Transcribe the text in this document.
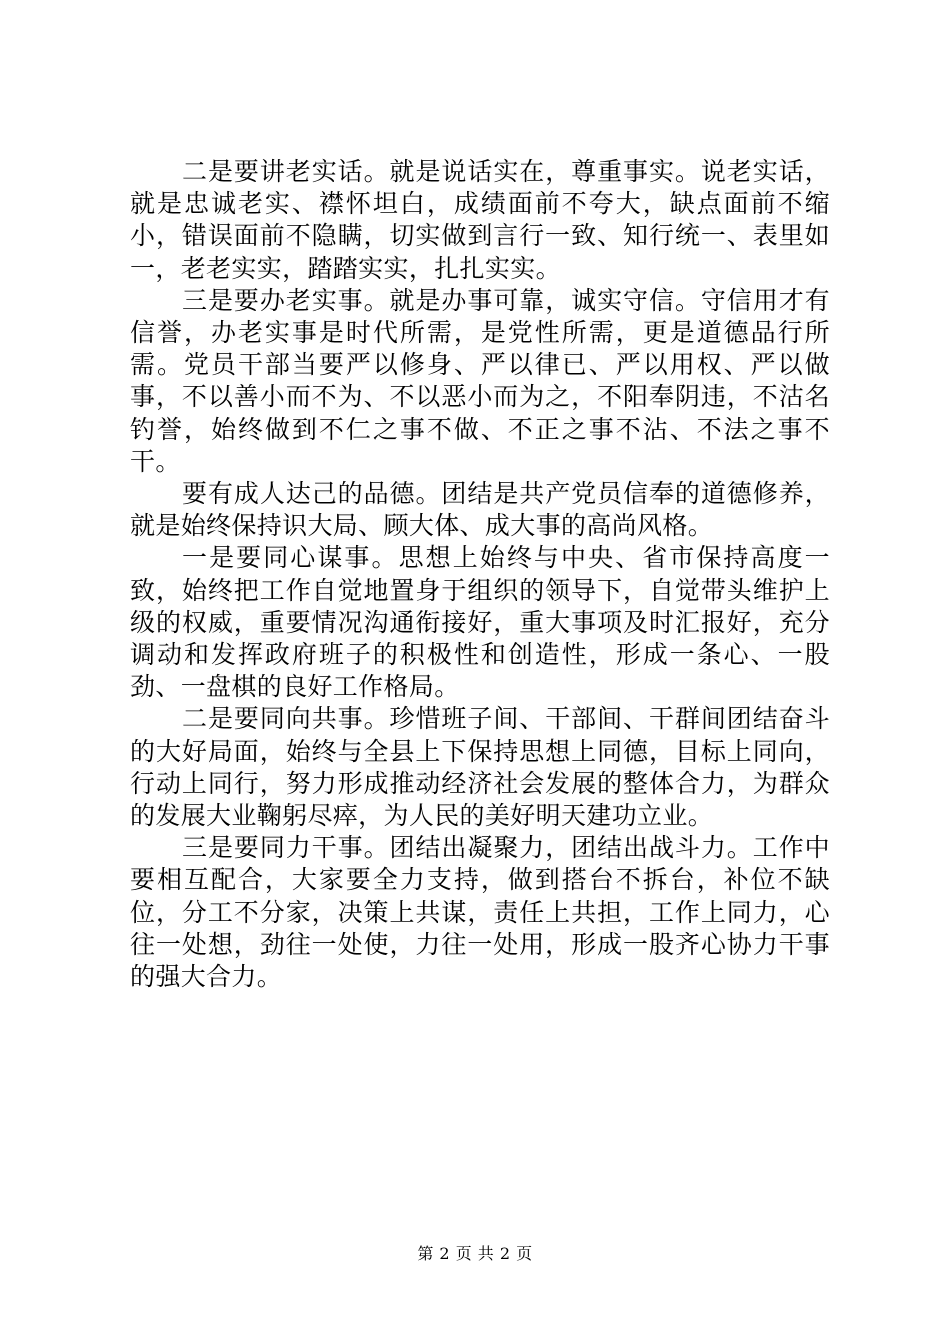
二是要讲老实话。就是说话实在，尊重事实。说老实话，就是忠诚老实、襟怀坦白，成绩面前不夸大，缺点面前不缩小，错误面前不隐瞒，切实做到言行一致、知行统一、表里如一，老老实实，踏踏实实，扎扎实实。

三是要办老实事。就是办事可靠，诚实守信。守信用才有信誉，办老实事是时代所需，是党性所需，更是道德品行所需。党员干部当要严以修身、严以律已、严以用权、严以做事，不以善小而不为、不以恶小而为之，不阳奉阴违，不沽名钓誉，始终做到不仁之事不做、不正之事不沾、不法之事不干。

要有成人达己的品德。团结是共产党员信奉的道德修养，就是始终保持识大局、顾大体、成大事的高尚风格。

一是要同心谋事。思想上始终与中央、省市保持高度一致，始终把工作自觉地置身于组织的领导下，自觉带头维护上级的权威，重要情况沟通衔接好，重大事项及时汇报好，充分调动和发挥政府班子的积极性和创造性，形成一条心、一股劲、一盘棋的良好工作格局。

二是要同向共事。珍惜班子间、干部间、干群间团结奋斗的大好局面，始终与全县上下保持思想上同德，目标上同向，行动上同行，努力形成推动经济社会发展的整体合力，为群众的发展大业鞠躬尽瘁，为人民的美好明天建功立业。

三是要同力干事。团结出凝聚力，团结出战斗力。工作中要相互配合，大家要全力支持，做到搭台不拆台，补位不缺位，分工不分家，决策上共谋，责任上共担，工作上同力，心往一处想，劲往一处使，力往一处用，形成一股齐心协力干事的强大合力。

第 2 页 共 2 页
